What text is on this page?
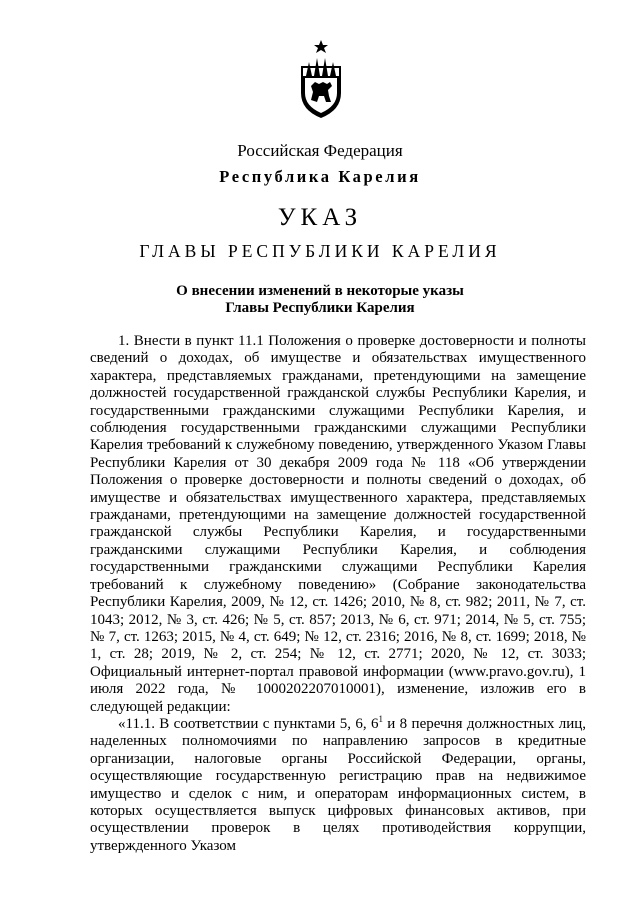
Российская Федерация
Республика Карелия
УКАЗ
ГЛАВЫ РЕСПУБЛИКИ КАРЕЛИЯ
О внесении изменений в некоторые указы
Главы Республики Карелия

1. Внести в пункт 11.1 Положения о проверке достоверности и полноты сведений о доходах, об имуществе и обязательствах имущественного характера, представляемых гражданами, претендующими на замещение должностей государственной гражданской службы Республики Карелия, и государственными гражданскими служащими Республики Карелия, и соблюдения государственными гражданскими служащими Республики Карелия требований к служебному поведению, утвержденного Указом Главы Республики Карелия от 30 декабря 2009 года № 118 «Об утверждении Положения о проверке достоверности и полноты сведений о доходах, об имуществе и обязательствах имущественного характера, представляемых гражданами, претендующими на замещение должностей государственной гражданской службы Республики Карелия, и государственными гражданскими служащими Республики Карелия, и соблюдения государственными гражданскими служащими Республики Карелия требований к служебному поведению» (Собрание законодательства Республики Карелия, 2009, № 12, ст. 1426; 2010, № 8, ст. 982; 2011, № 7, ст. 1043; 2012, № 3, ст. 426; № 5, ст. 857; 2013, № 6, ст. 971; 2014, № 5, ст. 755; № 7, ст. 1263; 2015, № 4, ст. 649; № 12, ст. 2316; 2016, № 8, ст. 1699; 2018, № 1, ст. 28; 2019, № 2, ст. 254; № 12, ст. 2771; 2020, № 12, ст. 3033; Официальный интернет-портал правовой информации (www.pravo.gov.ru), 1 июля 2022 года, № 1000202207010001), изменение, изложив его в следующей редакции:

«11.1. В соответствии с пунктами 5, 6, $6^1$ и 8 перечня должностных лиц, наделенных полномочиями по направлению запросов в кредитные организации, налоговые органы Российской Федерации, органы, осуществляющие государственную регистрацию прав на недвижимое имущество и сделок с ним, и операторам информационных систем, в которых осуществляется выпуск цифровых финансовых активов, при осуществлении проверок в целях противодействия коррупции, утвержденного Указом
